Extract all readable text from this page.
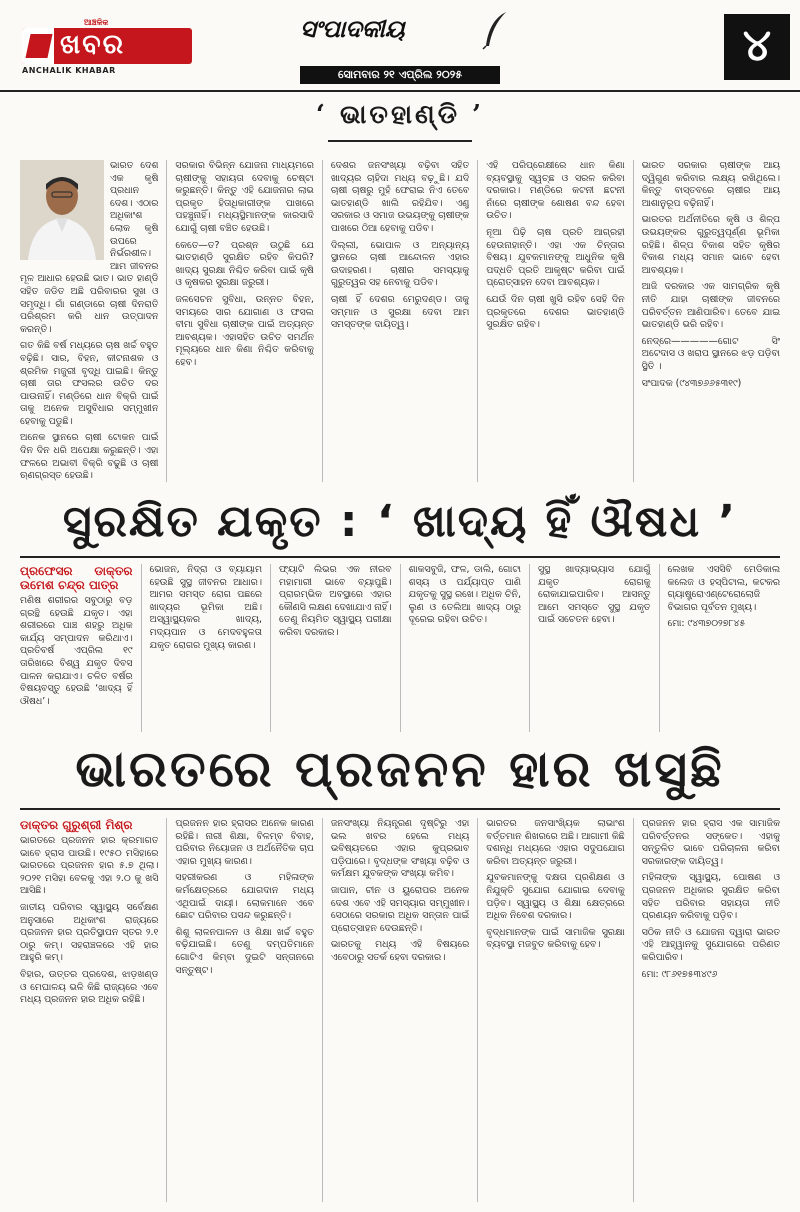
ଆଞ୍ଚଳିକ
ଖବର
ANCHALIK KHABAR
ସଂପାଦକୀୟ
ସୋମବାର ୨୧ ଏପ୍ରିଲ ୨୦୨୫
୪
‘ ଭାତହାଣ୍ଡି ’

ଭାରତ ଦେଶ ଏକ କୃଷି ପ୍ରଧାନ ଦେଶ। ଏଠାର ଅଧିକାଂଶ ଲୋକ କୃଷି ଉପରେ ନିର୍ଭରଶୀଳ। ଆମ ଜୀବନର ମୂଳ ଆଧାର ହେଉଛି ଭାତ। ଭାତ ହାଣ୍ଡି ସହିତ ଜଡିତ ଅଛି ପରିବାରର ସୁଖ ଓ ସମୃଦ୍ଧି। ଗାଁ ଗଣ୍ଡାରେ ଚାଷୀ ଦିନରାତି ପରିଶ୍ରମ କରି ଧାନ ଉତ୍ପାଦନ କରନ୍ତି।

ଗତ କିଛି ବର୍ଷ ମଧ୍ୟରେ ଚାଷ ଖର୍ଚ୍ଚ ବହୁତ ବଢ଼ିଛି। ସାର, ବିହନ, କୀଟନାଶକ ଓ ଶ୍ରମିକ ମଜୁରୀ ବୃଦ୍ଧି ପାଇଛି। କିନ୍ତୁ ଚାଷୀ ତାର ଫସଲର ଉଚିତ ଦର ପାଉନାହିଁ। ମଣ୍ଡିରେ ଧାନ ବିକ୍ରି ପାଇଁ ତାକୁ ଅନେକ ଅସୁବିଧାର ସମ୍ମୁଖୀନ ହେବାକୁ ପଡୁଛି।

ଅନେକ ସ୍ଥାନରେ ଚାଷୀ ଟୋକନ ପାଇଁ ଦିନ ଦିନ ଧରି ଅପେକ୍ଷା କରୁଛନ୍ତି। ଏହା ଫଳରେ ଅଭାବୀ ବିକ୍ରି ବଢୁଛି ଓ ଚାଷୀ ଋଣଗ୍ରସ୍ତ ହେଉଛି।

ସରକାର ବିଭିନ୍ନ ଯୋଜନା ମାଧ୍ୟମରେ ଚାଷୀଙ୍କୁ ସହାୟତା ଦେବାକୁ ଚେଷ୍ଟା କରୁଛନ୍ତି। କିନ୍ତୁ ଏହି ଯୋଜନାର ଲାଭ ପ୍ରକୃତ ହିତାଧିକାରୀଙ୍କ ପାଖରେ ପହଞ୍ଚୁନାହିଁ। ମଧ୍ୟସ୍ଥିମାନଙ୍କ କାରସାଦି ଯୋଗୁଁ ଚାଷୀ ବଞ୍ଚିତ ହେଉଛି।

କେତେ—ତ? ପ୍ରଶ୍ନ ଉଠୁଛି ଯେ ଭାତହାଣ୍ଡି ସୁରକ୍ଷିତ ରହିବ କିପରି? ଖାଦ୍ୟ ସୁରକ୍ଷା ନିଶ୍ଚିତ କରିବା ପାଇଁ କୃଷି ଓ କୃଷକର ସୁରକ୍ଷା ଜରୁରୀ।

ଜଳସେଚନ ସୁବିଧା, ଉନ୍ନତ ବିହନ, ସମୟରେ ସାର ଯୋଗାଣ ଓ ଫସଲ ବୀମା ସୁବିଧା ଚାଷୀଙ୍କ ପାଇଁ ଅତ୍ୟନ୍ତ ଆବଶ୍ୟକ। ଏହାସହିତ ଉଚିତ ସମର୍ଥନ ମୂଲ୍ୟରେ ଧାନ କିଣା ନିଶ୍ଚିତ କରିବାକୁ ହେବ।

ଦେଶର ଜନସଂଖ୍ୟା ବଢ଼ିବା ସହିତ ଖାଦ୍ୟର ଚାହିଦା ମଧ୍ୟ ବଢ଼ୁଛି। ଯଦି ଚାଷୀ ଚାଷରୁ ମୁହଁ ଫେରାଇ ନିଏ ତେବେ ଭାତହାଣ୍ଡି ଖାଲି ରହିଯିବ। ଏଣୁ ସରକାର ଓ ସମାଜ ଉଭୟଙ୍କୁ ଚାଷୀଙ୍କ ପାଖରେ ଠିଆ ହେବାକୁ ପଡିବ।

ଦିଲ୍ଲୀ, ଭୋପାଳ ଓ ଅନ୍ୟାନ୍ୟ ସ୍ଥାନରେ ଚାଷୀ ଆନ୍ଦୋଳନ ଏହାର ଉଦାହରଣ। ଚାଷୀର ସମସ୍ୟାକୁ ଗୁରୁତ୍ୱର ସହ ନେବାକୁ ପଡିବ।

ଚାଷୀ ହିଁ ଦେଶର ମେରୁଦଣ୍ଡ। ତାକୁ ସମ୍ମାନ ଓ ସୁରକ୍ଷା ଦେବା ଆମ ସମସ୍ତଙ୍କ ଦାୟିତ୍ୱ।

ଏହି ପରିପ୍ରେକ୍ଷୀରେ ଧାନ କିଣା ବ୍ୟବସ୍ଥାକୁ ସ୍ୱଚ୍ଛ ଓ ସରଳ କରିବା ଦରକାର। ମଣ୍ଡିରେ କଟନୀ ଛଟନୀ ନାଁରେ ଚାଷୀଙ୍କ ଶୋଷଣ ବନ୍ଦ ହେବା ଉଚିତ।

ନୂଆ ପିଢ଼ି ଚାଷ ପ୍ରତି ଆଗ୍ରହୀ ହେଉନାହାନ୍ତି। ଏହା ଏକ ଚିନ୍ତାର ବିଷୟ। ଯୁବକମାନଙ୍କୁ ଆଧୁନିକ କୃଷି ପଦ୍ଧତି ପ୍ରତି ଆକୃଷ୍ଟ କରିବା ପାଇଁ ପ୍ରୋତ୍ସାହନ ଦେବା ଆବଶ୍ୟକ।

ଯେଉଁ ଦିନ ଚାଷୀ ଖୁସି ରହିବ ସେହି ଦିନ ପ୍ରକୃତରେ ଦେଶର ଭାତହାଣ୍ଡି ସୁରକ୍ଷିତ ରହିବ।

ଭାରତ ସରକାର ଚାଷୀଙ୍କ ଆୟ ଦ୍ୱିଗୁଣ କରିବାର ଲକ୍ଷ୍ୟ ରଖିଥିଲେ। କିନ୍ତୁ ବାସ୍ତବରେ ଚାଷୀର ଆୟ ଆଶାନୁରୂପ ବଢ଼ିନାହିଁ।

ଭାରତର ଅର୍ଥନୀତିରେ କୃଷି ଓ ଶିଳ୍ପ ଉଭୟଙ୍କର ଗୁରୁତ୍ୱପୂର୍ଣ୍ଣ ଭୂମିକା ରହିଛି। ଶିଳ୍ପ ବିକାଶ ସହିତ କୃଷିର ବିକାଶ ମଧ୍ୟ ସମାନ ଭାବେ ହେବା ଆବଶ୍ୟକ।

ଆଜି ଦରକାର ଏକ ସାମଗ୍ରିକ କୃଷି ନୀତି ଯାହା ଚାଷୀଙ୍କ ଜୀବନରେ ପରିବର୍ତ୍ତନ ଆଣିପାରିବ। ତେବେ ଯାଇ ଭାତହାଣ୍ଡି ଭରି ରହିବ।

ନେଦ୍ରେ—————ଗୋଟ ସିଂ ଅଟେଦାସ ଓ ଖରାପ ସ୍ଥାନରେ ଝଡ଼ ପଡ଼ିବା ସ୍ଥିତି ।

ସଂପାଦକ (୯୪୩୭୬୬୫୩୧୯)

ସୁରକ୍ଷିତ ଯକୃତ : ‘ ଖାଦ୍ୟ ହିଁ ଔଷଧ ’
ପ୍ରଫେସର ଡାକ୍ତର ଉମେଶ ଚନ୍ଦ୍ର ପାତ୍ର

ମଣିଷ ଶରୀରର ସବୁଠାରୁ ବଡ଼ ଗ୍ରନ୍ଥି ହେଉଛି ଯକୃତ। ଏହା ଶରୀରରେ ପାଞ୍ଚ ଶହରୁ ଅଧିକ କାର୍ଯ୍ୟ ସମ୍ପାଦନ କରିଥାଏ। ପ୍ରତିବର୍ଷ ଏପ୍ରିଲ ୧୯ ତାରିଖରେ ବିଶ୍ୱ ଯକୃତ ଦିବସ ପାଳନ କରାଯାଏ। ଚଳିତ ବର୍ଷର ବିଷୟବସ୍ତୁ ହେଉଛି ‘ଖାଦ୍ୟ ହିଁ ଔଷଧ’।

ଭୋଜନ, ନିଦ୍ରା ଓ ବ୍ୟାୟାମ ହେଉଛି ସୁସ୍ଥ ଜୀବନର ଆଧାର। ଆମର ସମସ୍ତ ରୋଗ ପଛରେ ଖାଦ୍ୟର ଭୂମିକା ଅଛି। ଅସ୍ୱାସ୍ଥ୍ୟକର ଖାଦ୍ୟ, ମଦ୍ୟପାନ ଓ ମେଦବହୁଳତା ଯକୃତ ରୋଗର ମୁଖ୍ୟ କାରଣ।

ଫ୍ୟାଟି ଲିଭର ଏକ ନୀରବ ମହାମାରୀ ଭାବେ ବ୍ୟାପୁଛି। ପ୍ରାରମ୍ଭିକ ଅବସ୍ଥାରେ ଏହାର କୌଣସି ଲକ୍ଷଣ ଦେଖାଯାଏ ନାହିଁ। ତେଣୁ ନିୟମିତ ସ୍ୱାସ୍ଥ୍ୟ ପରୀକ୍ଷା କରିବା ଦରକାର।

ଶାକସବୁଜି, ଫଳ, ଡାଲି, ଗୋଟା ଶସ୍ୟ ଓ ପର୍ଯ୍ୟାପ୍ତ ପାଣି ଯକୃତକୁ ସୁସ୍ଥ ରଖେ। ଅଧିକ ଚିନି, ଲୁଣ ଓ ତେଲିଆ ଖାଦ୍ୟ ଠାରୁ ଦୂରେଇ ରହିବା ଉଚିତ।

ସୁସ୍ଥ ଖାଦ୍ୟାଭ୍ୟାସ ଯୋଗୁଁ ଯକୃତ ରୋଗକୁ ରୋକାଯାଇପାରିବ। ଆସନ୍ତୁ ଆମେ ସମସ୍ତେ ସୁସ୍ଥ ଯକୃତ ପାଇଁ ସଚେତନ ହେବା।

ଲେଖକ ଏସସିବି ମେଡିକାଲ କଲେଜ ଓ ହସ୍ପିଟାଲ, କଟକର ଗ୍ୟାଷ୍ଟ୍ରୋଏଣ୍ଟେରୋଲୋଜି ବିଭାଗର ପୂର୍ବତନ ମୁଖ୍ୟ।

ମୋ: ୯୪୩୭୦୨୭୮୪୫

ଭାରତରେ ପ୍ରଜନନ ହାର ଖସୁଛି
ଡାକ୍ତର ଗୁରୁଶ୍ରୀ ମିଶ୍ର

ଭାରତରେ ପ୍ରଜନନ ହାର କ୍ରମାଗତ ଭାବେ ହ୍ରାସ ପାଉଛି। ୧୯୫୦ ମସିହାରେ ଭାରତରେ ପ୍ରଜନନ ହାର ୫.୭ ଥିଲା। ୨୦୨୧ ମସିହା ବେଳକୁ ଏହା ୨.୦ କୁ ଖସି ଆସିଛି।

ଜାତୀୟ ପରିବାର ସ୍ୱାସ୍ଥ୍ୟ ସର୍ବେକ୍ଷଣ ଅନୁସାରେ ଅଧିକାଂଶ ରାଜ୍ୟରେ ପ୍ରଜନନ ହାର ପ୍ରତିସ୍ଥାପନ ସ୍ତର ୨.୧ ଠାରୁ କମ୍। ସହରାଞ୍ଚଳରେ ଏହି ହାର ଆହୁରି କମ୍।

ବିହାର, ଉତ୍ତର ପ୍ରଦେଶ, ଝାଡ଼ଖଣ୍ଡ ଓ ମେଘାଳୟ ଭଳି କିଛି ରାଜ୍ୟରେ ଏବେ ମଧ୍ୟ ପ୍ରଜନନ ହାର ଅଧିକ ରହିଛି।

ପ୍ରଜନନ ହାର ହ୍ରାସର ଅନେକ କାରଣ ରହିଛି। ନାରୀ ଶିକ୍ଷା, ବିଳମ୍ବ ବିବାହ, ପରିବାର ନିୟୋଜନ ଓ ଅର୍ଥନୈତିକ ଚାପ ଏହାର ମୁଖ୍ୟ କାରଣ।

ସହରୀକରଣ ଓ ମହିଳାଙ୍କ କର୍ମକ୍ଷେତ୍ରରେ ଯୋଗଦାନ ମଧ୍ୟ ଏଥିପାଇଁ ଦାୟୀ। ଲୋକମାନେ ଏବେ ଛୋଟ ପରିବାର ପସନ୍ଦ କରୁଛନ୍ତି।

ଶିଶୁ ଲାଳନପାଳନ ଓ ଶିକ୍ଷା ଖର୍ଚ୍ଚ ବହୁତ ବଢ଼ିଯାଇଛି। ତେଣୁ ଦମ୍ପତିମାନେ ଗୋଟିଏ କିମ୍ବା ଦୁଇଟି ସନ୍ତାନରେ ସନ୍ତୁଷ୍ଟ।

ଜନସଂଖ୍ୟା ନିୟନ୍ତ୍ରଣ ଦୃଷ୍ଟିରୁ ଏହା ଭଲ ଖବର ହେଲେ ମଧ୍ୟ ଭବିଷ୍ୟତରେ ଏହାର କୁପ୍ରଭାବ ପଡ଼ିପାରେ। ବୃଦ୍ଧଙ୍କ ସଂଖ୍ୟା ବଢ଼ିବ ଓ କର୍ମକ୍ଷମ ଯୁବକଙ୍କ ସଂଖ୍ୟା କମିବ।

ଜାପାନ, ଚୀନ ଓ ୟୁରୋପର ଅନେକ ଦେଶ ଏବେ ଏହି ସମସ୍ୟାର ସମ୍ମୁଖୀନ। ସେଠାରେ ସରକାର ଅଧିକ ସନ୍ତାନ ପାଇଁ ପ୍ରୋତ୍ସାହନ ଦେଉଛନ୍ତି।

ଭାରତକୁ ମଧ୍ୟ ଏହି ବିଷୟରେ ଏବେଠାରୁ ସତର୍କ ହେବା ଦରକାର।

ଭାରତର ଜନସାଂଖ୍ୟିକ ଲାଭାଂଶ ବର୍ତ୍ତମାନ ଶିଖରରେ ଅଛି। ଆଗାମୀ କିଛି ଦଶନ୍ଧି ମଧ୍ୟରେ ଏହାର ସଦୁପଯୋଗ କରିବା ଅତ୍ୟନ୍ତ ଜରୁରୀ।

ଯୁବକମାନଙ୍କୁ ଦକ୍ଷତା ପ୍ରଶିକ୍ଷଣ ଓ ନିଯୁକ୍ତି ସୁଯୋଗ ଯୋଗାଇ ଦେବାକୁ ପଡ଼ିବ। ସ୍ୱାସ୍ଥ୍ୟ ଓ ଶିକ୍ଷା କ୍ଷେତ୍ରରେ ଅଧିକ ନିବେଶ ଦରକାର।

ବୃଦ୍ଧମାନଙ୍କ ପାଇଁ ସାମାଜିକ ସୁରକ୍ଷା ବ୍ୟବସ୍ଥା ମଜବୁତ କରିବାକୁ ହେବ।

ପ୍ରଜନନ ହାର ହ୍ରାସ ଏକ ସାମାଜିକ ପରିବର୍ତ୍ତନର ସଙ୍କେତ। ଏହାକୁ ସନ୍ତୁଳିତ ଭାବେ ପରିଚାଳନା କରିବା ସରକାରଙ୍କ ଦାୟିତ୍ୱ।

ମହିଳାଙ୍କ ସ୍ୱାସ୍ଥ୍ୟ, ପୋଷଣ ଓ ପ୍ରଜନନ ଅଧିକାର ସୁରକ୍ଷିତ କରିବା ସହିତ ପରିବାର ସହାୟତା ନୀତି ପ୍ରଣୟନ କରିବାକୁ ପଡ଼ିବ।

ସଠିକ ନୀତି ଓ ଯୋଜନା ଦ୍ୱାରା ଭାରତ ଏହି ଆହ୍ୱାନକୁ ସୁଯୋଗରେ ପରିଣତ କରିପାରିବ।

ମୋ: ୯୮୬୧୭୫୩୪୯୬
